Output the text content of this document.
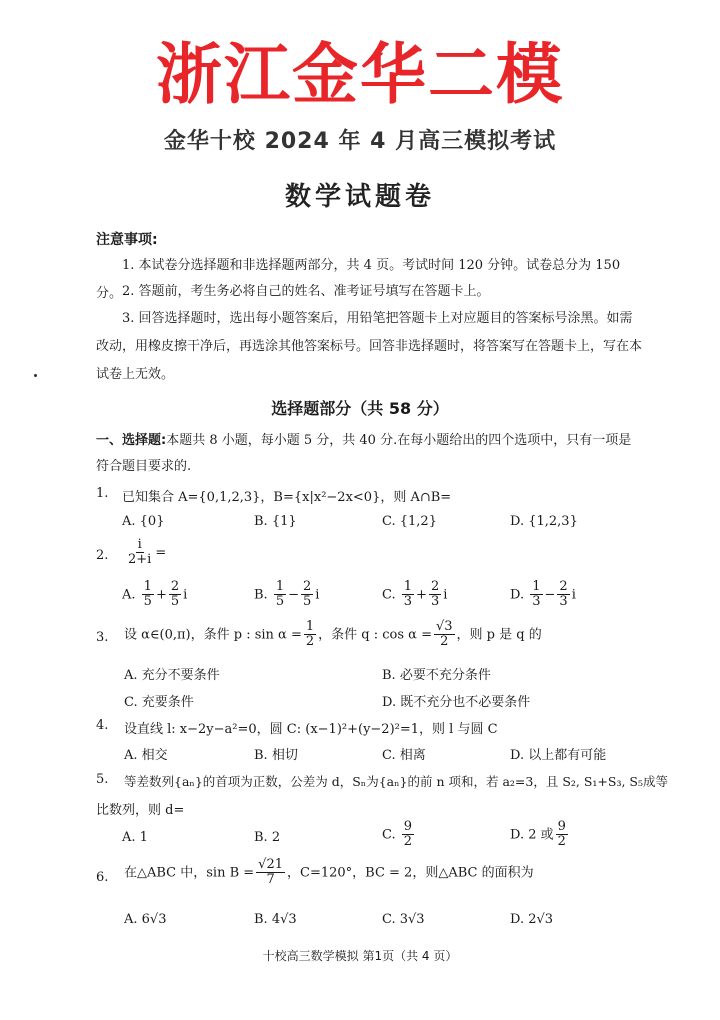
浙江金华二模
金华十校 2024 年 4 月高三模拟考试
数学试题卷
注意事项:
1. 本试卷分选择题和非选择题两部分，共 4 页。考试时间 120 分钟。试卷总分为 150 分。 2. 答题前，考生务必将自己的姓名、准考证号填写在答题卡上。
3. 回答选择题时，选出每小题答案后，用铅笔把答题卡上对应题目的答案标号涂黑。如需改动，用橡皮擦干净后，再选涂其他答案标号。回答非选择题时，将答案写在答题卡上，写在本试卷上无效。
选择题部分（共 58 分）
一、选择题:本题共 8 小题，每小题 5 分，共 40 分.在每小题给出的四个选项中，只有一项是符合题目要求的.
1. 已知集合 A={0,1,2,3}，B={x|x²−2x<0}，则 A∩B=
A. {0}	B. {1}	C. {1,2}	D. {1,2,3}
2. $\frac{i}{2+i}$ =
A. $\frac{1}{5} + \frac{2}{5}$ i	B. $\frac{1}{5} - \frac{2}{5}$ i	C. $\frac{1}{3} + \frac{2}{3}$ i	D. $\frac{1}{3} - \frac{2}{3}$ i
3. 设 α∈(0,π)，条件 p : $\sin \alpha = \frac{1}{2}$ ，条件 q : $\cos \alpha = \frac{√3}{2}$ ，则 p 是 q 的
A. 充分不要条件	B. 必要不充分条件
C. 充要条件	D. 既不充分也不必要条件
4. 设直线 l: x−2y−a²=0，圆 C: (x−1)²+(y−2)²=1，则 l 与圆 C
A. 相交	B. 相切	C. 相离	D. 以上都有可能
5. 等差数列{aₙ}的首项为正数，公差为 d，Sₙ为{aₙ}的前 n 项和，若 a₂=3，且 S₂, S₁+S₃, S₅成等
比数列，则 d=
A. 1	B. 2	C. $\frac{9}{2}$	D. 2 或 $\frac{9}{2}$
6. 在△ABC 中，$\sin B = \frac{√21}{7}$ ，C=120°，BC = 2，则△ABC 的面积为
A. 6√3	B. 4√3	C. 3√3	D. 2√3
十校高三数学模拟 第1页（共 4 页）
